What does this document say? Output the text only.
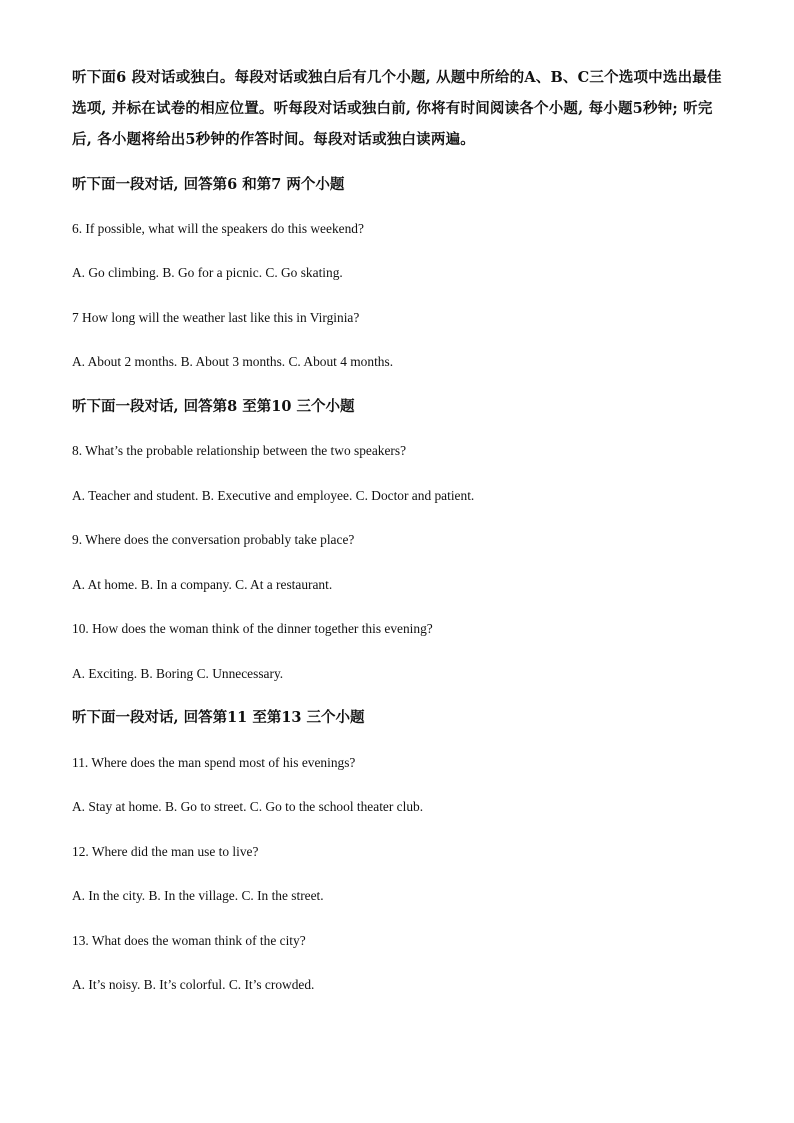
听下面6 段对话或独白。每段对话或独白后有几个小题, 从题中所给的A、B、C三个选项中选出最佳选项, 并标在试卷的相应位置。听每段对话或独白前, 你将有时间阅读各个小题, 每小题5秒钟; 听完后, 各小题将给出5秒钟的作答时间。每段对话或独白读两遍。

听下面一段对话, 回答第6 和第7 两个小题

6. If possible, what will the speakers do this weekend?

A. Go climbing. B. Go for a picnic. C. Go skating.

7 How long will the weather last like this in Virginia?

A. About 2 months. B. About 3 months. C. About 4 months.

听下面一段对话, 回答第8 至第10 三个小题

8. What’s the probable relationship between the two speakers?

A. Teacher and student. B. Executive and employee. C. Doctor and patient.

9. Where does the conversation probably take place?

A. At home. B. In a company. C. At a restaurant.

10. How does the woman think of the dinner together this evening?

A. Exciting. B. Boring C. Unnecessary.

听下面一段对话, 回答第11 至第13 三个小题

11. Where does the man spend most of his evenings?

A. Stay at home. B. Go to street. C. Go to the school theater club.

12. Where did the man use to live?

A. In the city. B. In the village. C. In the street.

13. What does the woman think of the city?

A. It’s noisy. B. It’s colorful. C. It’s crowded.
